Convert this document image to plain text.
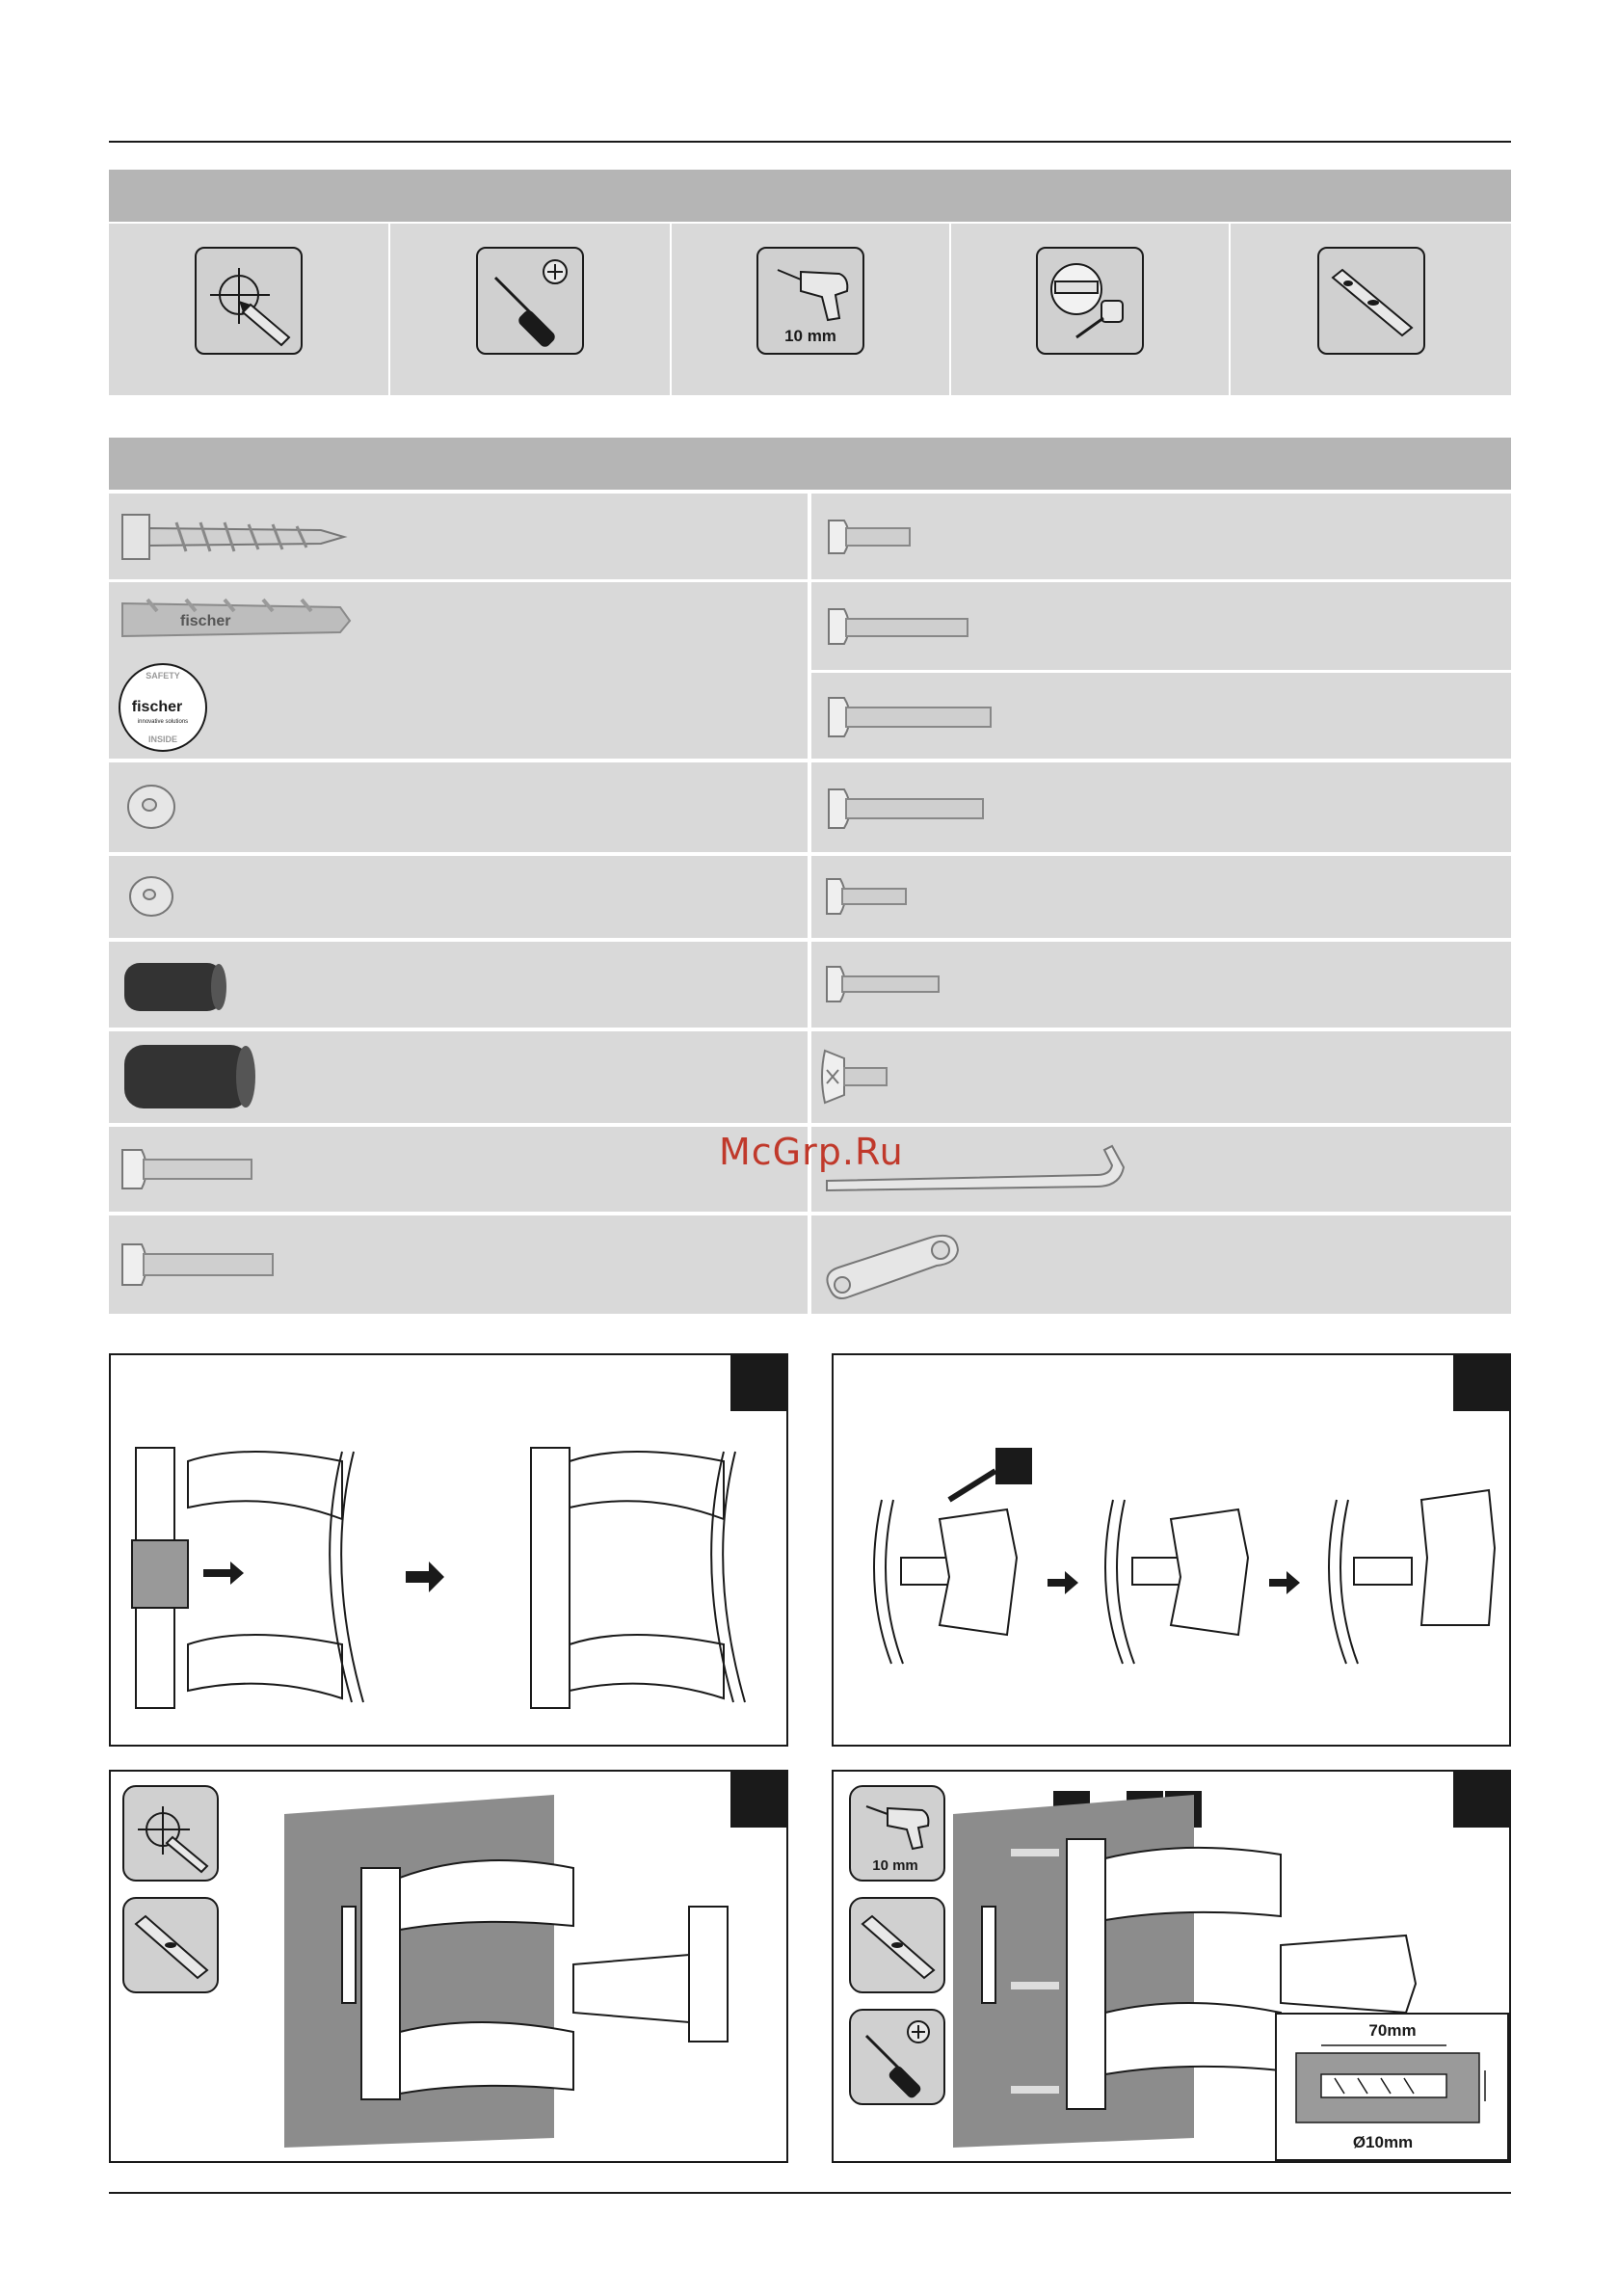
10 mm
fischer
SAFETY
fischer
innovative solutions
INSIDE
McGrp.Ru
10 mm
70mm
Ø10mm
